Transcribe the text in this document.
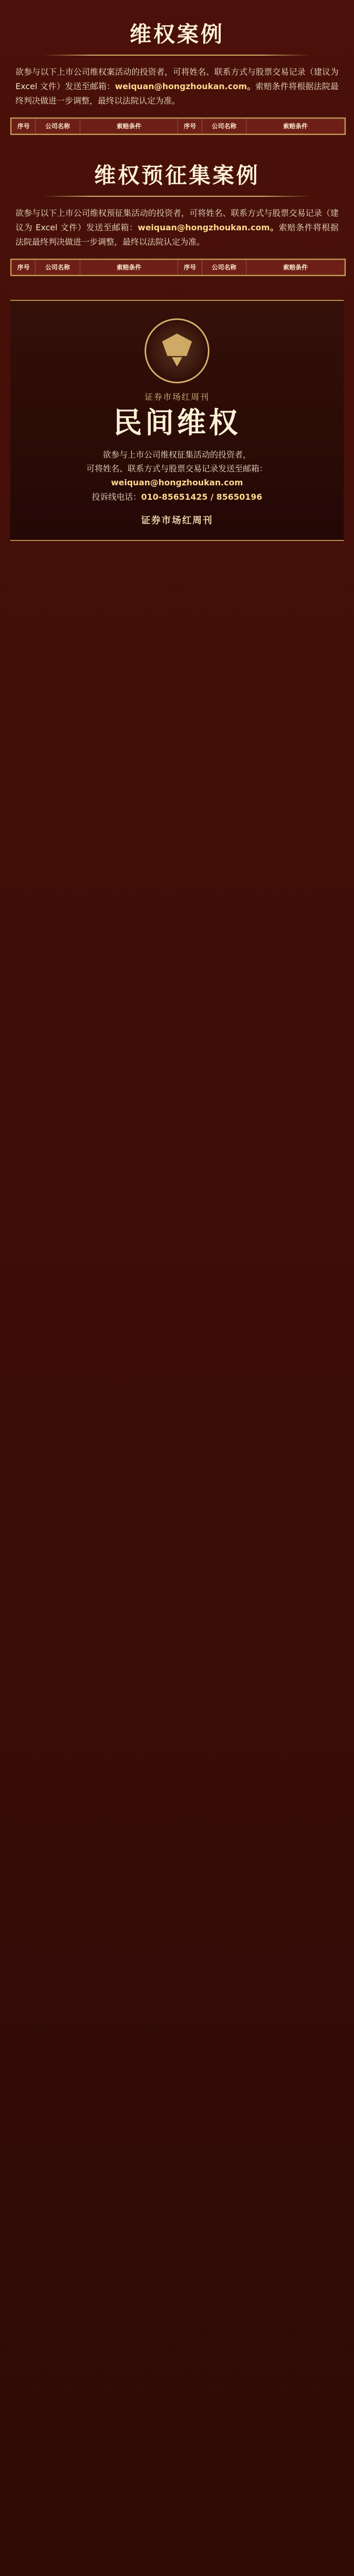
维权案例

欲参与以下上市公司维权案活动的投资者，可将姓名、联系方式与股票交易记录（建议为 Excel 文件）发送至邮箱：weiquan@hongzhoukan.com。索赔条件将根据法院最终判决做进一步调整，最终以法院认定为准。

序号	公司名称	索赔条件	序号	公司名称	索赔条件
维权预征集案例

欲参与以下上市公司维权预征集活动的投资者，可将姓名、联系方式与股票交易记录（建议为 Excel 文件）发送至邮箱：weiquan@hongzhoukan.com。索赔条件将根据法院最终判决做进一步调整，最终以法院认定为准。

序号	公司名称	索赔条件	序号	公司名称	索赔条件
证券市场红周刊
民间维权
欲参与上市公司维权征集活动的投资者，
可将姓名、联系方式与股票交易记录发送至邮箱：
weiquan@hongzhoukan.com
投诉线电话：010-85651425 / 85650196
证券市场红周刊
